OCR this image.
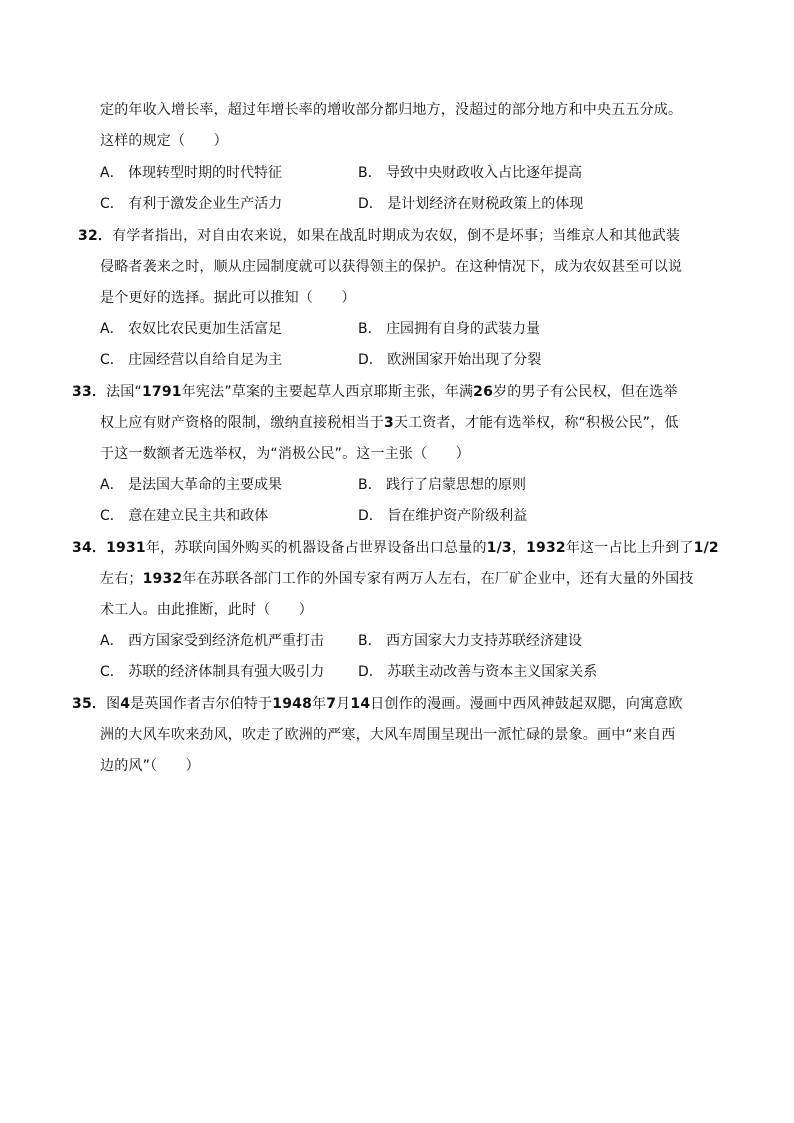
定的年收入增长率，超过年增长率的增收部分都归地方，没超过的部分地方和中央五五分成。
这样的规定（　　）
A． 体现转型时期的时代特征	B． 导致中央财政收入占比逐年提高
C． 有利于激发企业生产活力	D． 是计划经济在财税政策上的体现
32．有学者指出，对自由农来说，如果在战乱时期成为农奴，倒不是坏事；当维京人和其他武装
侵略者袭来之时，顺从庄园制度就可以获得领主的保护。在这种情况下，成为农奴甚至可以说
是个更好的选择。据此可以推知（　　）
A． 农奴比农民更加生活富足	B． 庄园拥有自身的武装力量
C． 庄园经营以自给自足为主	D． 欧洲国家开始出现了分裂
33．法国“1791年宪法”草案的主要起草人西京耶斯主张，年满26岁的男子有公民权，但在选举
权上应有财产资格的限制，缴纳直接税相当于3天工资者，才能有选举权，称“积极公民”，低
于这一数额者无选举权，为“消极公民”。这一主张（　　）
A． 是法国大革命的主要成果	B． 践行了启蒙思想的原则
C． 意在建立民主共和政体	D． 旨在维护资产阶级利益
34．1931年，苏联向国外购买的机器设备占世界设备出口总量的1/3，1932年这一占比上升到了1/2
左右；1932年在苏联各部门工作的外国专家有两万人左右，在厂矿企业中，还有大量的外国技
术工人。由此推断，此时（　　）
A． 西方国家受到经济危机严重打击 B． 西方国家大力支持苏联经济建设
C． 苏联的经济体制具有强大吸引力 D． 苏联主动改善与资本主义国家关系
35．图4是英国作者吉尔伯特于1948年7月14日创作的漫画。漫画中西风神鼓起双腮，向寓意欧
洲的大风车吹来劲风，吹走了欧洲的严寒，大风车周围呈现出一派忙碌的景象。画中“来自西
边的风”（　　）
